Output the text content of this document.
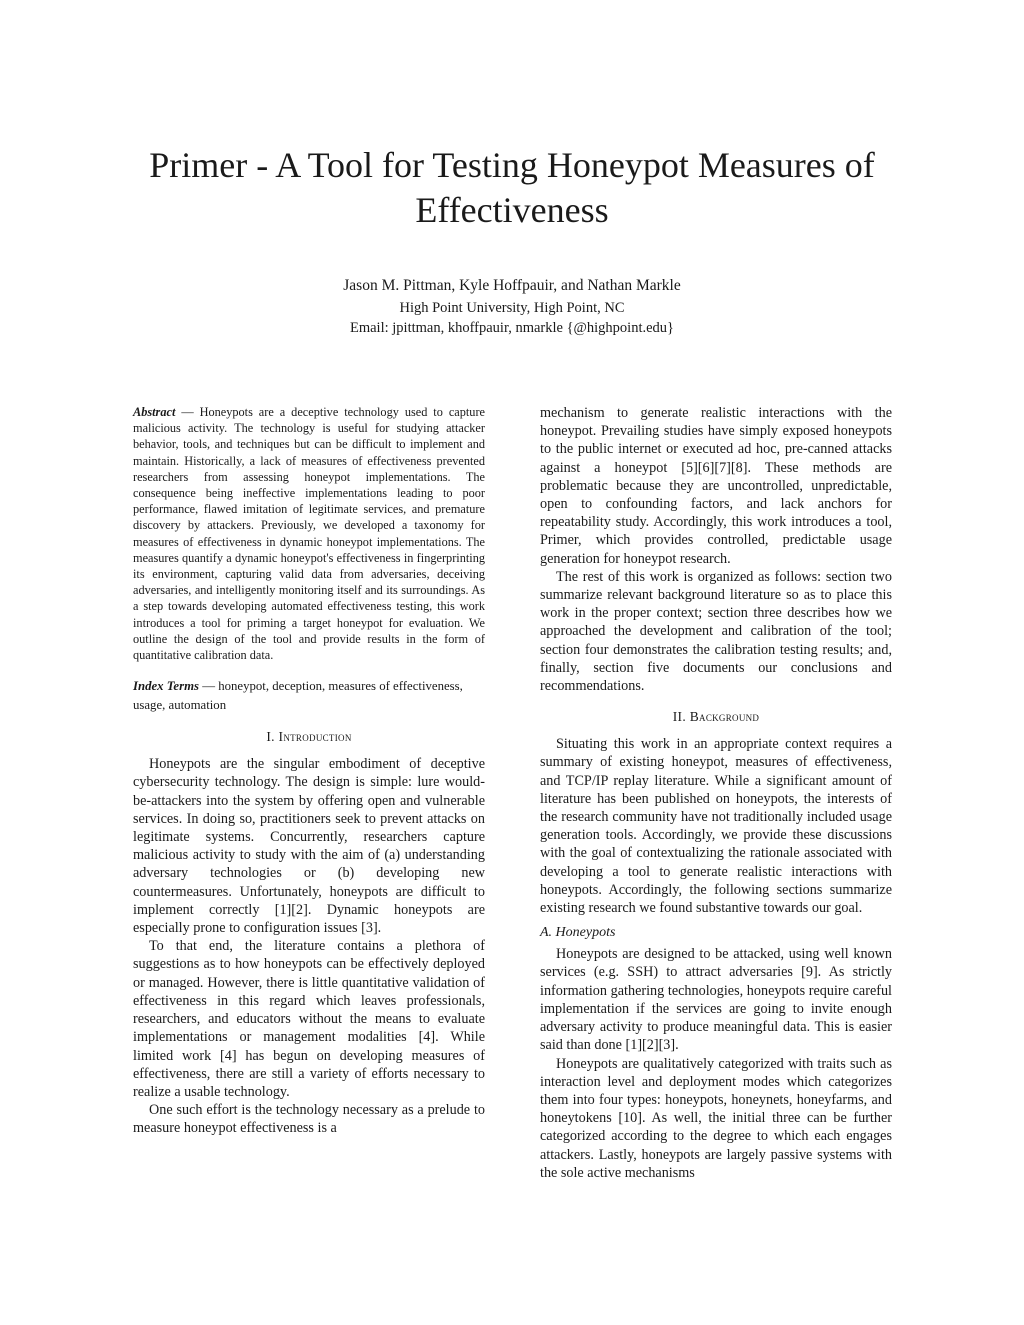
Primer - A Tool for Testing Honeypot Measures of Effectiveness
Jason M. Pittman, Kyle Hoffpauir, and Nathan Markle
High Point University, High Point, NC
Email: jpittman, khoffpauir, nmarkle {@highpoint.edu}

Abstract — Honeypots are a deceptive technology used to capture malicious activity. The technology is useful for studying attacker behavior, tools, and techniques but can be difficult to implement and maintain. Historically, a lack of measures of effectiveness prevented researchers from assessing honeypot implementations. The consequence being ineffective implementations leading to poor performance, flawed imitation of legitimate services, and premature discovery by attackers. Previously, we developed a taxonomy for measures of effectiveness in dynamic honeypot implementations. The measures quantify a dynamic honeypot's effectiveness in fingerprinting its environment, capturing valid data from adversaries, deceiving adversaries, and intelligently monitoring itself and its surroundings. As a step towards developing automated effectiveness testing, this work introduces a tool for priming a target honeypot for evaluation. We outline the design of the tool and provide results in the form of quantitative calibration data.

Index Terms — honeypot, deception, measures of effectiveness, usage, automation

I. Introduction

Honeypots are the singular embodiment of deceptive cybersecurity technology. The design is simple: lure would-be-attackers into the system by offering open and vulnerable services. In doing so, practitioners seek to prevent attacks on legitimate systems. Concurrently, researchers capture malicious activity to study with the aim of (a) understanding adversary technologies or (b) developing new countermeasures. Unfortunately, honeypots are difficult to implement correctly [1][2]. Dynamic honeypots are especially prone to configuration issues [3].

To that end, the literature contains a plethora of suggestions as to how honeypots can be effectively deployed or managed. However, there is little quantitative validation of effectiveness in this regard which leaves professionals, researchers, and educators without the means to evaluate implementations or management modalities [4]. While limited work [4] has begun on developing measures of effectiveness, there are still a variety of efforts necessary to realize a usable technology.

One such effort is the technology necessary as a prelude to measure honeypot effectiveness is a

mechanism to generate realistic interactions with the honeypot. Prevailing studies have simply exposed honeypots to the public internet or executed ad hoc, pre-canned attacks against a honeypot [5][6][7][8]. These methods are problematic because they are uncontrolled, unpredictable, open to confounding factors, and lack anchors for repeatability study. Accordingly, this work introduces a tool, Primer, which provides controlled, predictable usage generation for honeypot research.

The rest of this work is organized as follows: section two summarize relevant background literature so as to place this work in the proper context; section three describes how we approached the development and calibration of the tool; section four demonstrates the calibration testing results; and, finally, section five documents our conclusions and recommendations.

II. Background

Situating this work in an appropriate context requires a summary of existing honeypot, measures of effectiveness, and TCP/IP replay literature. While a significant amount of literature has been published on honeypots, the interests of the research community have not traditionally included usage generation tools. Accordingly, we provide these discussions with the goal of contextualizing the rationale associated with developing a tool to generate realistic interactions with honeypots. Accordingly, the following sections summarize existing research we found substantive towards our goal.

A. Honeypots

Honeypots are designed to be attacked, using well known services (e.g. SSH) to attract adversaries [9]. As strictly information gathering technologies, honeypots require careful implementation if the services are going to invite enough adversary activity to produce meaningful data. This is easier said than done [1][2][3].

Honeypots are qualitatively categorized with traits such as interaction level and deployment modes which categorizes them into four types: honeypots, honeynets, honeyfarms, and honeytokens [10]. As well, the initial three can be further categorized according to the degree to which each engages attackers. Lastly, honeypots are largely passive systems with the sole active mechanisms
